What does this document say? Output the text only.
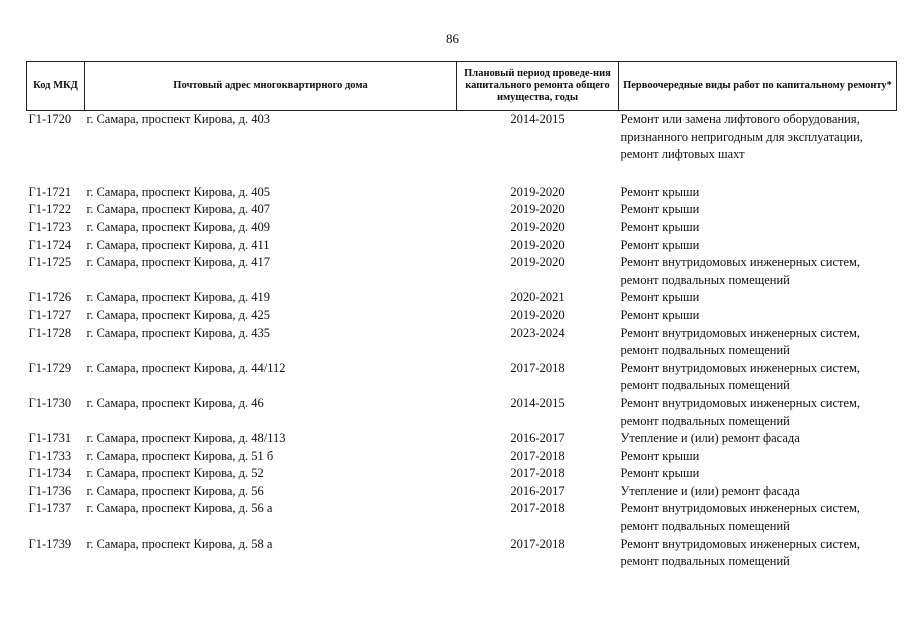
86
Код МКД	Почтовый адрес многоквартирного дома	Плановый период проведе-ния капитального ремонта общего имущества, годы	Первоочередные виды работ по капитальному ремонту*
Г1-1720	г. Самара, проспект Кирова, д. 403	2014-2015	Ремонт или замена лифтового оборудования,
признанного непригодным для эксплуатации,
ремонт лифтовых шахт

Г1-1721	г. Самара, проспект Кирова, д. 405	2019-2020	Ремонт крыши

Г1-1722	г. Самара, проспект Кирова, д. 407	2019-2020	Ремонт крыши

Г1-1723	г. Самара, проспект Кирова, д. 409	2019-2020	Ремонт крыши

Г1-1724	г. Самара, проспект Кирова, д. 411	2019-2020	Ремонт крыши

Г1-1725	г. Самара, проспект Кирова, д. 417	2019-2020	Ремонт внутридомовых инженерных систем,
ремонт подвальных помещений

Г1-1726	г. Самара, проспект Кирова, д. 419	2020-2021	Ремонт крыши

Г1-1727	г. Самара, проспект Кирова, д. 425	2019-2020	Ремонт крыши

Г1-1728	г. Самара, проспект Кирова, д. 435	2023-2024	Ремонт внутридомовых инженерных систем,
ремонт подвальных помещений

Г1-1729	г. Самара, проспект Кирова, д. 44/112	2017-2018	Ремонт внутридомовых инженерных систем,
ремонт подвальных помещений

Г1-1730	г. Самара, проспект Кирова, д. 46	2014-2015	Ремонт внутридомовых инженерных систем,
ремонт подвальных помещений

Г1-1731	г. Самара, проспект Кирова, д. 48/113	2016-2017	Утепление и (или) ремонт фасада

Г1-1733	г. Самара, проспект Кирова, д. 51 б	2017-2018	Ремонт крыши

Г1-1734	г. Самара, проспект Кирова, д. 52	2017-2018	Ремонт крыши

Г1-1736	г. Самара, проспект Кирова, д. 56	2016-2017	Утепление и (или) ремонт фасада

Г1-1737	г. Самара, проспект Кирова, д. 56 а	2017-2018	Ремонт внутридомовых инженерных систем,
ремонт подвальных помещений

Г1-1739	г. Самара, проспект Кирова, д. 58 а	2017-2018	Ремонт внутридомовых инженерных систем,
ремонт подвальных помещений
